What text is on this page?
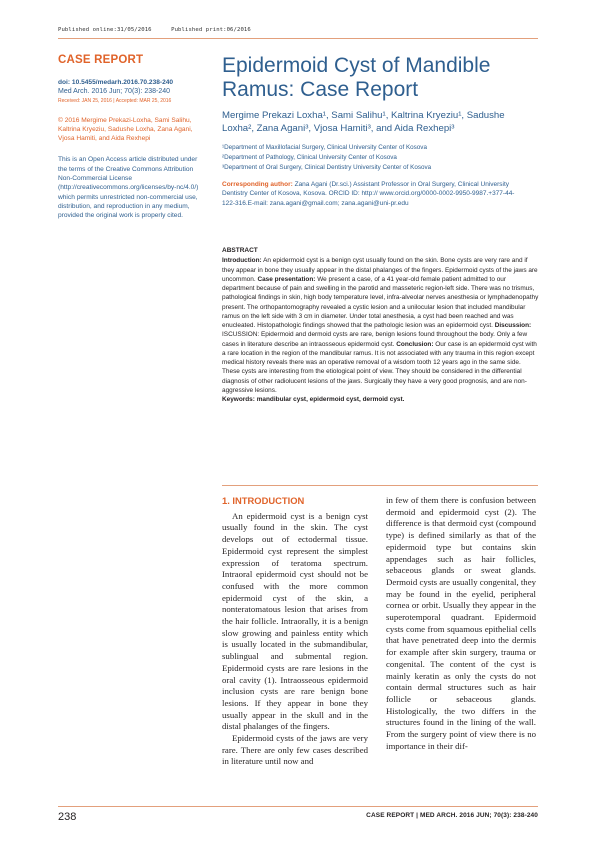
Published online:31/05/2016	Published print:06/2016
CASE REPORT
doi: 10.5455/medarh.2016.70.238-240
Med Arch. 2016 Jun; 70(3): 238-240
Received: JAN 25, 2016 | Accepted: MAR 25, 2016
© 2016 Mergime Prekazi-Loxha, Sami Salihu, Kaltrina Kryeziu, Sadushe Loxha, Zana Agani, Vjosa Hamiti, and Aida Rexhepi
This is an Open Access article distributed under the terms of the Creative Commons Attribution Non-Commercial License (http://creativecommons.org/licenses/by-nc/4.0/) which permits unrestricted non-commercial use, distribution, and reproduction in any medium, provided the original work is properly cited.
Epidermoid Cyst of Mandible Ramus: Case Report
Mergime Prekazi Loxha¹, Sami Salihu¹, Kaltrina Kryeziu¹, Sadushe Loxha², Zana Agani³, Vjosa Hamiti³, and Aida Rexhepi³
¹Department of Maxillofacial Surgery, Clinical University Center of Kosova
²Department of Pathology, Clinical University Center of Kosova
³Department of Oral Surgery, Clinical Dentistry University Center of Kosova
Corresponding author: Zana Agani (Dr.sci.) Assistant Professor in Oral Surgery, Clinical University Dentistry Center of Kosova, Kosova. ORCID ID: http:// www.orcid.org/0000-0002-9950-9987.+377-44-122-316.E-mail: zana.agani@gmail.com; zana.agani@uni-pr.edu
ABSTRACT
Introduction: An epidermoid cyst is a benign cyst usually found on the skin. Bone cysts are very rare and if they appear in bone they usually appear in the distal phalanges of the fingers. Epidermoid cysts of the jaws are uncommon. Case presentation: We present a case, of a 41 year-old female patient admitted to our department because of pain and swelling in the parotid and masseteric region-left side. There was no trismus, pathological findings in skin, high body temperature level, infra-alveolar nerves anesthesia or lymphadenopathy present. The orthopantomography revealed a cystic lesion and a unilocular lesion that included mandibular ramus on the left side with 3 cm in diameter. Under total anesthesia, a cyst had been reached and was enucleated. Histopathologic findings showed that the pathologic lesion was an epidermoid cyst. Discussion: ISCUSSION: Epidermoid and dermoid cysts are rare, benign lesions found throughout the body. Only a few cases in literature describe an intraosseous epidermoid cyst. Conclusion: Our case is an epidermoid cyst with a rare location in the region of the mandibular ramus. It is not associated with any trauma in this region except medical history reveals there was an operative removal of a wisdom tooth 12 years ago in the same side. These cysts are interesting from the etiological point of view. They should be considered in the differential diagnosis of other radiolucent lesions of the jaws. Surgically they have a very good prognosis, and are non-aggressive lesions.
Keywords: mandibular cyst, epidermoid cyst, dermoid cyst.
1. INTRODUCTION

An epidermoid cyst is a benign cyst usually found in the skin. The cyst develops out of ectodermal tissue. Epidermoid cyst represent the simplest expression of teratoma spectrum. Intraoral epidermoid cyst should not be confused with the more common epidermoid cyst of the skin, a nonteratomatous lesion that arises from the hair follicle. Intraorally, it is a benign slow growing and painless entity which is usually located in the submandibular, sublingual and submental region. Epidermoid cysts are rare lesions in the oral cavity (1). Intraosseous epidermoid inclusion cysts are rare benign bone lesions. If they appear in bone they usually appear in the skull and in the distal phalanges of the fingers.

Epidermoid cysts of the jaws are very rare. There are only few cases described in literature until now and

in few of them there is confusion between dermoid and epidermoid cyst (2). The difference is that dermoid cyst (compound type) is defined similarly as that of the epidermoid type but contains skin appendages such as hair follicles, sebaceous glands or sweat glands. Dermoid cysts are usually congenital, they may be found in the eyelid, peripheral cornea or orbit. Usually they appear in the superotemporal quadrant. Epidermoid cysts come from squamous epithelial cells that have penetrated deep into the dermis for example after skin surgery, trauma or congenital. The content of the cyst is mainly keratin as only the cysts do not contain dermal structures such as hair follicle or sebaceous glands. Histologically, the two differs in the structures found in the lining of the wall. From the surgery point of view there is no importance in their dif-

238	CASE REPORT | MED ARCH. 2016 JUN; 70(3): 238-240
